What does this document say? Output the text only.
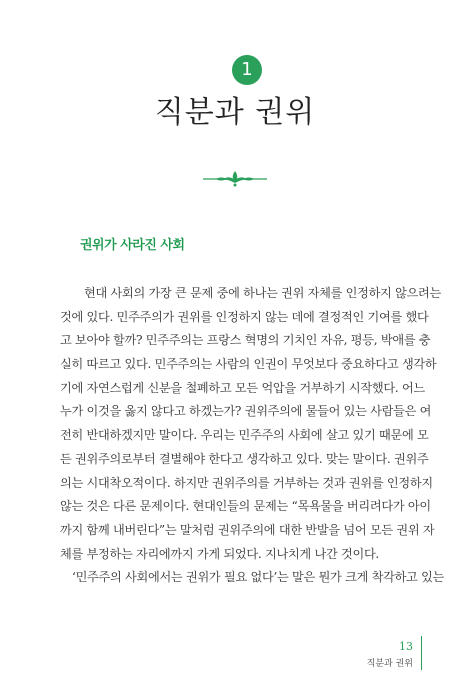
1
직분과 권위
권위가 사라진 사회
현대 사회의 가장 큰 문제 중에 하나는 권위 자체를 인정하지 않으려는
것에 있다. 민주주의가 권위를 인정하지 않는 데에 결정적인 기여를 했다
고 보아야 할까? 민주주의는 프랑스 혁명의 기치인 자유, 평등, 박애를 충
실히 따르고 있다. 민주주의는 사람의 인권이 무엇보다 중요하다고 생각하
기에 자연스럽게 신분을 철폐하고 모든 억압을 거부하기 시작했다. 어느
누가 이것을 옳지 않다고 하겠는가? 권위주의에 물들어 있는 사람들은 여
전히 반대하겠지만 말이다. 우리는 민주주의 사회에 살고 있기 때문에 모
든 권위주의로부터 결별해야 한다고 생각하고 있다. 맞는 말이다. 권위주
의는 시대착오적이다. 하지만 권위주의를 거부하는 것과 권위를 인정하지
않는 것은 다른 문제이다. 현대인들의 문제는 “목욕물을 버리려다가 아이
까지 함께 내버린다”는 말처럼 권위주의에 대한 반발을 넘어 모든 권위 자
체를 부정하는 자리에까지 가게 되었다. 지나치게 나간 것이다.
‘민주주의 사회에서는 권위가 필요 없다’는 말은 뭔가 크게 착각하고 있는
13
직분과 권위
